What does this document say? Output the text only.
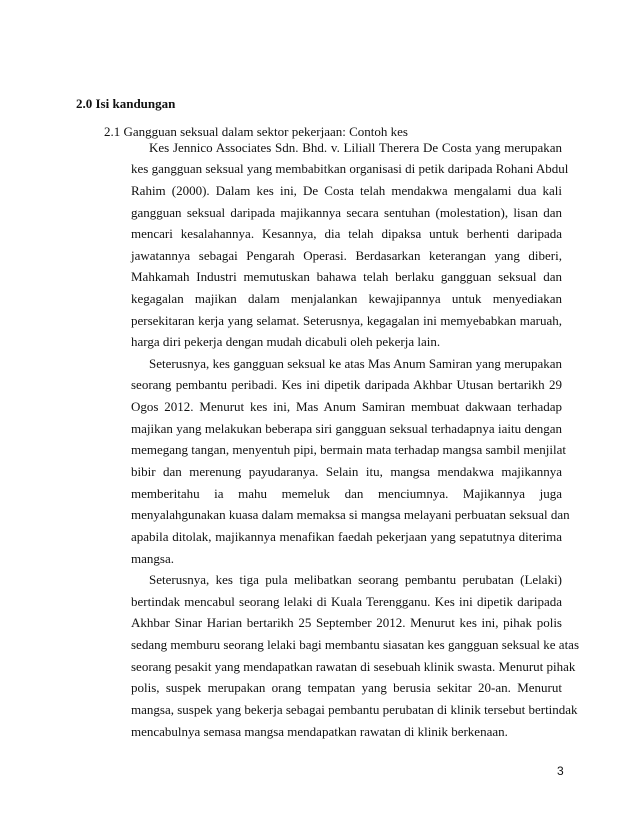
2.0 Isi kandungan
2.1 Gangguan seksual dalam sektor pekerjaan: Contoh kes
Kes Jennico Associates Sdn. Bhd. v. Liliall Therera De Costa yang merupakan
kes gangguan seksual yang membabitkan organisasi di petik daripada Rohani Abdul
Rahim (2000). Dalam kes ini, De Costa telah mendakwa mengalami dua kali
gangguan seksual daripada majikannya secara sentuhan (molestation), lisan dan
mencari kesalahannya. Kesannya, dia telah dipaksa untuk berhenti daripada
jawatannya sebagai Pengarah Operasi. Berdasarkan keterangan yang diberi,
Mahkamah Industri memutuskan bahawa telah berlaku gangguan seksual dan
kegagalan majikan dalam menjalankan kewajipannya untuk menyediakan
persekitaran kerja yang selamat. Seterusnya, kegagalan ini memyebabkan maruah,
harga diri pekerja dengan mudah dicabuli oleh pekerja lain.
Seterusnya, kes gangguan seksual ke atas Mas Anum Samiran yang merupakan
seorang pembantu peribadi. Kes ini dipetik daripada Akhbar Utusan bertarikh 29
Ogos 2012. Menurut kes ini, Mas Anum Samiran membuat dakwaan terhadap
majikan yang melakukan beberapa siri gangguan seksual terhadapnya iaitu dengan
memegang tangan, menyentuh pipi, bermain mata terhadap mangsa sambil menjilat
bibir dan merenung payudaranya. Selain itu, mangsa mendakwa majikannya
memberitahu ia mahu memeluk dan menciumnya. Majikannya juga
menyalahgunakan kuasa dalam memaksa si mangsa melayani perbuatan seksual dan
apabila ditolak, majikannya menafikan faedah pekerjaan yang sepatutnya diterima
mangsa.
Seterusnya, kes tiga pula melibatkan seorang pembantu perubatan (Lelaki)
bertindak mencabul seorang lelaki di Kuala Terengganu. Kes ini dipetik daripada
Akhbar Sinar Harian bertarikh 25 September 2012. Menurut kes ini, pihak polis
sedang memburu seorang lelaki bagi membantu siasatan kes gangguan seksual ke atas
seorang pesakit yang mendapatkan rawatan di sesebuah klinik swasta. Menurut pihak
polis, suspek merupakan orang tempatan yang berusia sekitar 20-an. Menurut
mangsa, suspek yang bekerja sebagai pembantu perubatan di klinik tersebut bertindak
mencabulnya semasa mangsa mendapatkan rawatan di klinik berkenaan.
3
